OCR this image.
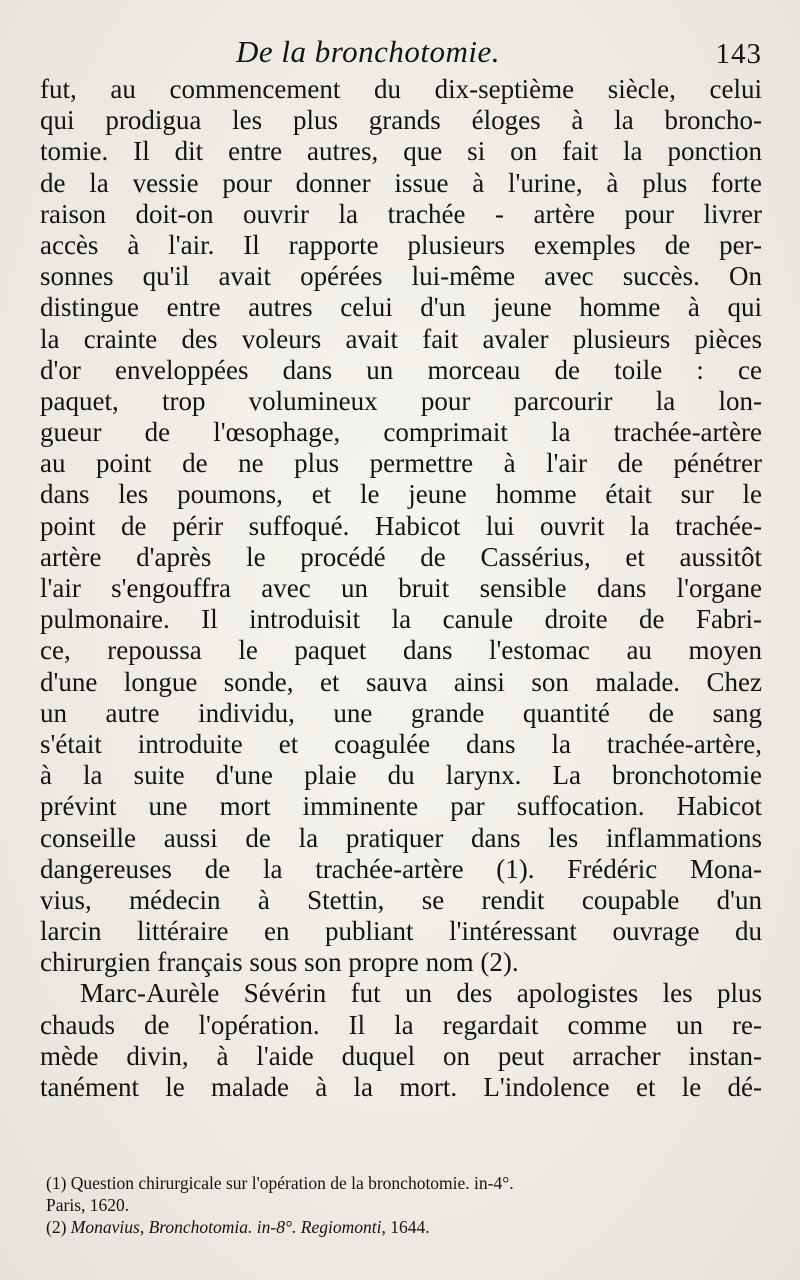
De la bronchotomie.	143
fut, au commencement du dix-septième siècle, celui
qui prodigua les plus grands éloges à la broncho-
tomie. Il dit entre autres, que si on fait la ponction
de la vessie pour donner issue à l'urine, à plus forte
raison doit-on ouvrir la trachée - artère pour livrer
accès à l'air. Il rapporte plusieurs exemples de per-
sonnes qu'il avait opérées lui-même avec succès. On
distingue entre autres celui d'un jeune homme à qui
la crainte des voleurs avait fait avaler plusieurs pièces
d'or enveloppées dans un morceau de toile : ce
paquet, trop volumineux pour parcourir la lon-
gueur de l'œsophage, comprimait la trachée-artère
au point de ne plus permettre à l'air de pénétrer
dans les poumons, et le jeune homme était sur le
point de périr suffoqué. Habicot lui ouvrit la trachée-
artère d'après le procédé de Cassérius, et aussitôt
l'air s'engouffra avec un bruit sensible dans l'organe
pulmonaire. Il introduisit la canule droite de Fabri-
ce, repoussa le paquet dans l'estomac au moyen
d'une longue sonde, et sauva ainsi son malade. Chez
un autre individu, une grande quantité de sang
s'était introduite et coagulée dans la trachée-artère,
à la suite d'une plaie du larynx. La bronchotomie
prévint une mort imminente par suffocation. Habicot
conseille aussi de la pratiquer dans les inflammations
dangereuses de la trachée-artère (1). Frédéric Mona-
vius, médecin à Stettin, se rendit coupable d'un
larcin littéraire en publiant l'intéressant ouvrage du
chirurgien français sous son propre nom (2).
Marc-Aurèle Sévérin fut un des apologistes les plus
chauds de l'opération. Il la regardait comme un re-
mède divin, à l'aide duquel on peut arracher instan-
tanément le malade à la mort. L'indolence et le dé-
(1) Question chirurgicale sur l'opération de la bronchotomie. in-4°.
Paris, 1620.
(2) Monavius, Bronchotomia. in-8°. Regiomonti, 1644.
